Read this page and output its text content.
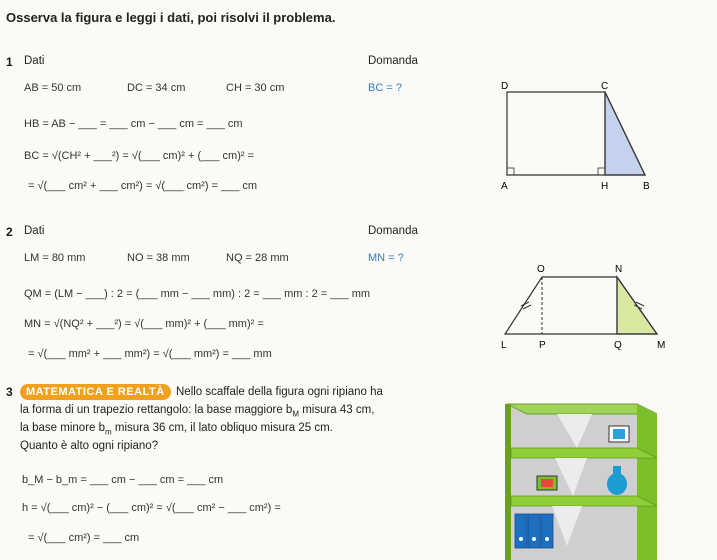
Osserva la figura e leggi i dati, poi risolvi il problema.
1 Dati	Domanda
AB = 50 cm	DC = 34 cm	CH = 30 cm	BC = ?
HB = AB − ___ = ___ cm − ___ cm = ___ cm
BC = √(CH² + ___²) = √(___ cm)² + (___ cm)² =
= √(___ cm² + ___ cm²) = √(___ cm²) = ___ cm
D	C
A	H	B
2 Dati	Domanda
LM = 80 mm	NO = 38 mm	NQ = 28 mm	MN = ?
QM = (LM − ___) : 2 = (___ mm − ___ mm) : 2 = ___ mm : 2 = ___ mm
MN = √(NQ² + ___²) = √(___ mm)² + (___ mm)² =
= √(___ mm² + ___ mm²) = √(___ mm²) = ___ mm
O	N
L	P	Q	M
3	MATEMATICA E REALTÀ Nello scaffale della figura ogni ripiano ha
la forma di un trapezio rettangolo: la base maggiore $b_M$ misura 43 cm,
la base minore $b_m$ misura 36 cm, il lato obliquo misura 25 cm.
Quanto è alto ogni ripiano?
b_M − b_m = ___ cm − ___ cm = ___ cm
h = √(___ cm)² − (___ cm)² = √(___ cm² − ___ cm²) =
= √(___ cm²) = ___ cm
